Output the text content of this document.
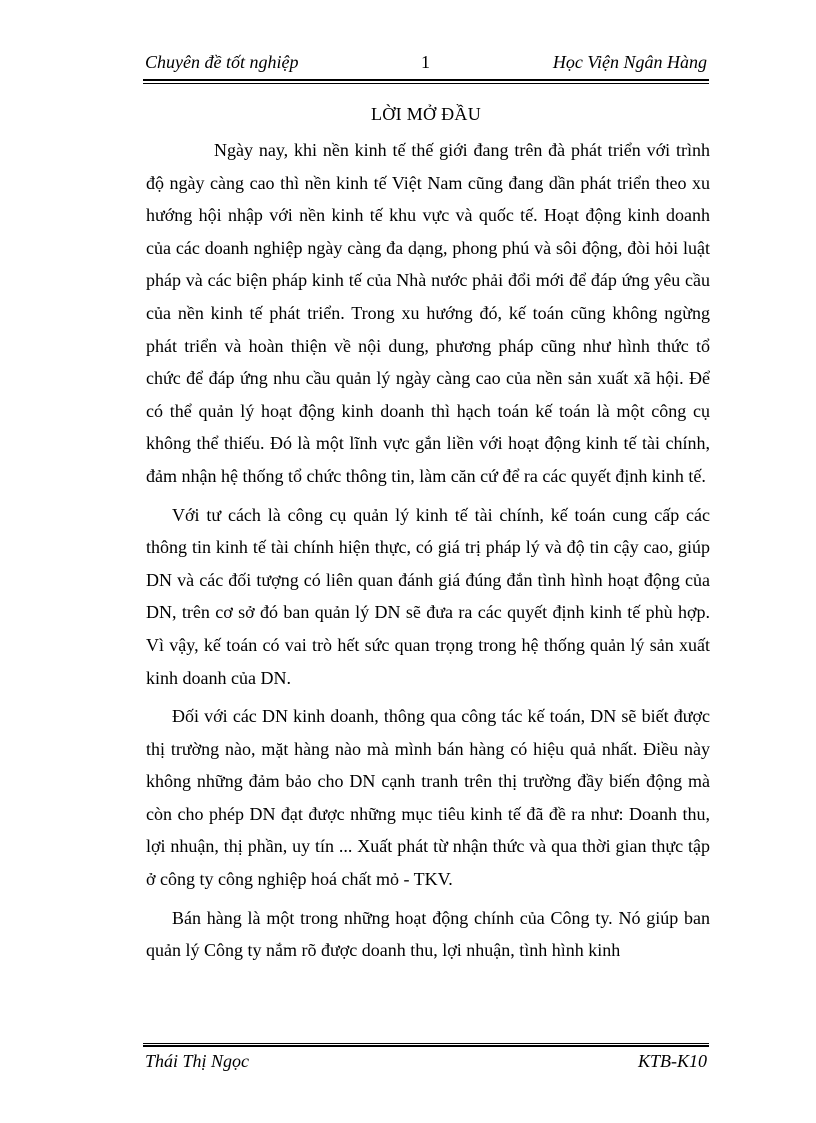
Chuyên đề tốt nghiệp	1	Học Viện Ngân Hàng
LỜI MỞ ĐẦU

Ngày nay, khi nền kinh tế thế giới đang trên đà phát triển với trình độ ngày càng cao thì nền kinh tế Việt Nam cũng đang dần phát triển theo xu hướng hội nhập với nền kinh tế khu vực và quốc tế. Hoạt động kinh doanh của các doanh nghiệp ngày càng đa dạng, phong phú và sôi động, đòi hỏi luật pháp và các biện pháp kinh tế của Nhà nước phải đổi mới để đáp ứng yêu cầu của nền kinh tế phát triển. Trong xu hướng đó, kế toán cũng không ngừng phát triển và hoàn thiện về nội dung, phương pháp cũng như hình thức tổ chức để đáp ứng nhu cầu quản lý ngày càng cao của nền sản xuất xã hội. Để có thể quản lý hoạt động kinh doanh thì hạch toán kế toán là một công cụ không thể thiếu. Đó là một lĩnh vực gắn liền với hoạt động kinh tế tài chính, đảm nhận hệ thống tổ chức thông tin, làm căn cứ để ra các quyết định kinh tế.

Với tư cách là công cụ quản lý kinh tế tài chính, kế toán cung cấp các thông tin kinh tế tài chính hiện thực, có giá trị pháp lý và độ tin cậy cao, giúp DN và các đối tượng có liên quan đánh giá đúng đắn tình hình hoạt động của DN, trên cơ sở đó ban quản lý DN sẽ đưa ra các quyết định kinh tế phù hợp. Vì vậy, kế toán có vai trò hết sức quan trọng trong hệ thống quản lý sản xuất kinh doanh của DN.

Đối với các DN kinh doanh, thông qua công tác kế toán, DN sẽ biết được thị trường nào, mặt hàng nào mà mình bán hàng có hiệu quả nhất. Điều này không những đảm bảo cho DN cạnh tranh trên thị trường đầy biến động mà còn cho phép DN đạt được những mục tiêu kinh tế đã đề ra như: Doanh thu, lợi nhuận, thị phần, uy tín ... Xuất phát từ nhận thức và qua thời gian thực tập ở công ty công nghiệp hoá chất mỏ - TKV.

Bán hàng là một trong những hoạt động chính của Công ty. Nó giúp ban quản lý Công ty nắm rõ được doanh thu, lợi nhuận, tình hình kinh

Thái Thị Ngọc	KTB-K10
